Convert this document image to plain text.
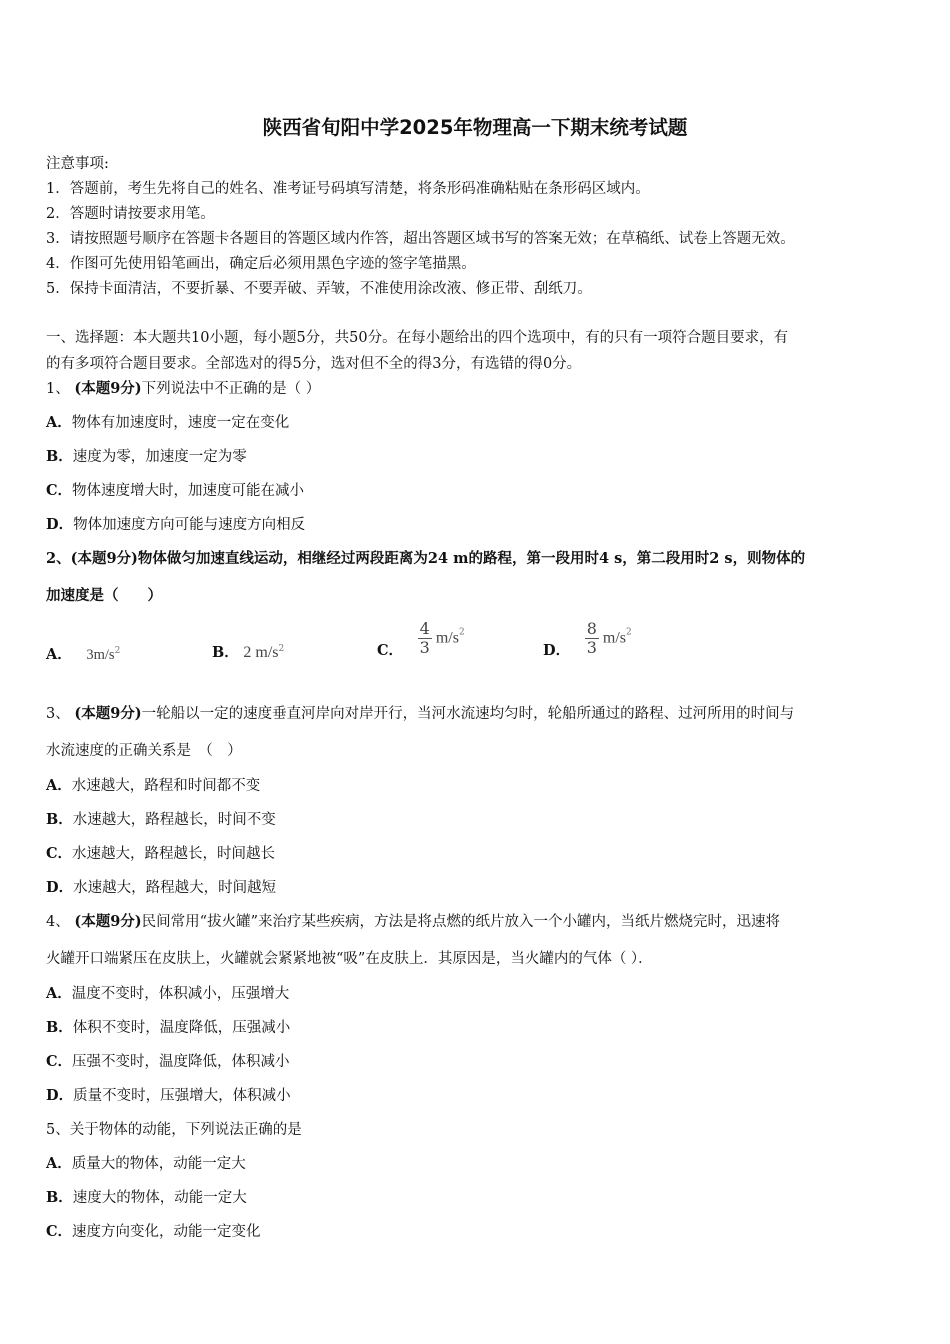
陕西省旬阳中学2025年物理高一下期末统考试题
注意事项:
1．答题前，考生先将自己的姓名、准考证号码填写清楚，将条形码准确粘贴在条形码区域内。
2．答题时请按要求用笔。
3．请按照题号顺序在答题卡各题目的答题区域内作答，超出答题区域书写的答案无效；在草稿纸、试卷上答题无效。
4．作图可先使用铅笔画出，确定后必须用黑色字迹的签字笔描黑。
5．保持卡面清洁，不要折暴、不要弄破、弄皱，不准使用涂改液、修正带、刮纸刀。
一、选择题：本大题共10小题，每小题5分，共50分。在每小题给出的四个选项中，有的只有一项符合题目要求，有
的有多项符合题目要求。全部选对的得5分，选对但不全的得3分，有选错的得0分。
1、 (本题9分)下列说法中不正确的是（ ）
A．物体有加速度时，速度一定在变化
B．速度为零，加速度一定为零
C．物体速度增大时，加速度可能在减小
D．物体加速度方向可能与速度方向相反
2、(本题9分)物体做匀加速直线运动，相继经过两段距离为24 m的路程，第一段用时4 s，第二段用时2 s，则物体的
加速度是（　　）
A． $3m/s^2$	B． 2 $m/s^2$	C． $\frac{4}{3} m/s^2$
D． $\frac{8}{3} m/s^2$
3、 (本题9分)一轮船以一定的速度垂直河岸向对岸开行，当河水流速均匀时，轮船所通过的路程、过河所用的时间与
水流速度的正确关系是　（　）
A．水速越大，路程和时间都不变
B．水速越大，路程越长，时间不变
C．水速越大，路程越长，时间越长
D．水速越大，路程越大，时间越短
4、 (本题9分)民间常用“拔火罐”来治疗某些疾病，方法是将点燃的纸片放入一个小罐内，当纸片燃烧完时，迅速将
火罐开口端紧压在皮肤上，火罐就会紧紧地被“吸”在皮肤上．其原因是，当火罐内的气体（ ）．
A．温度不变时，体积减小，压强增大
B．体积不变时，温度降低，压强减小
C．压强不变时，温度降低，体积减小
D．质量不变时，压强增大，体积减小
5、关于物体的动能，下列说法正确的是
A．质量大的物体，动能一定大
B．速度大的物体，动能一定大
C．速度方向变化，动能一定变化
